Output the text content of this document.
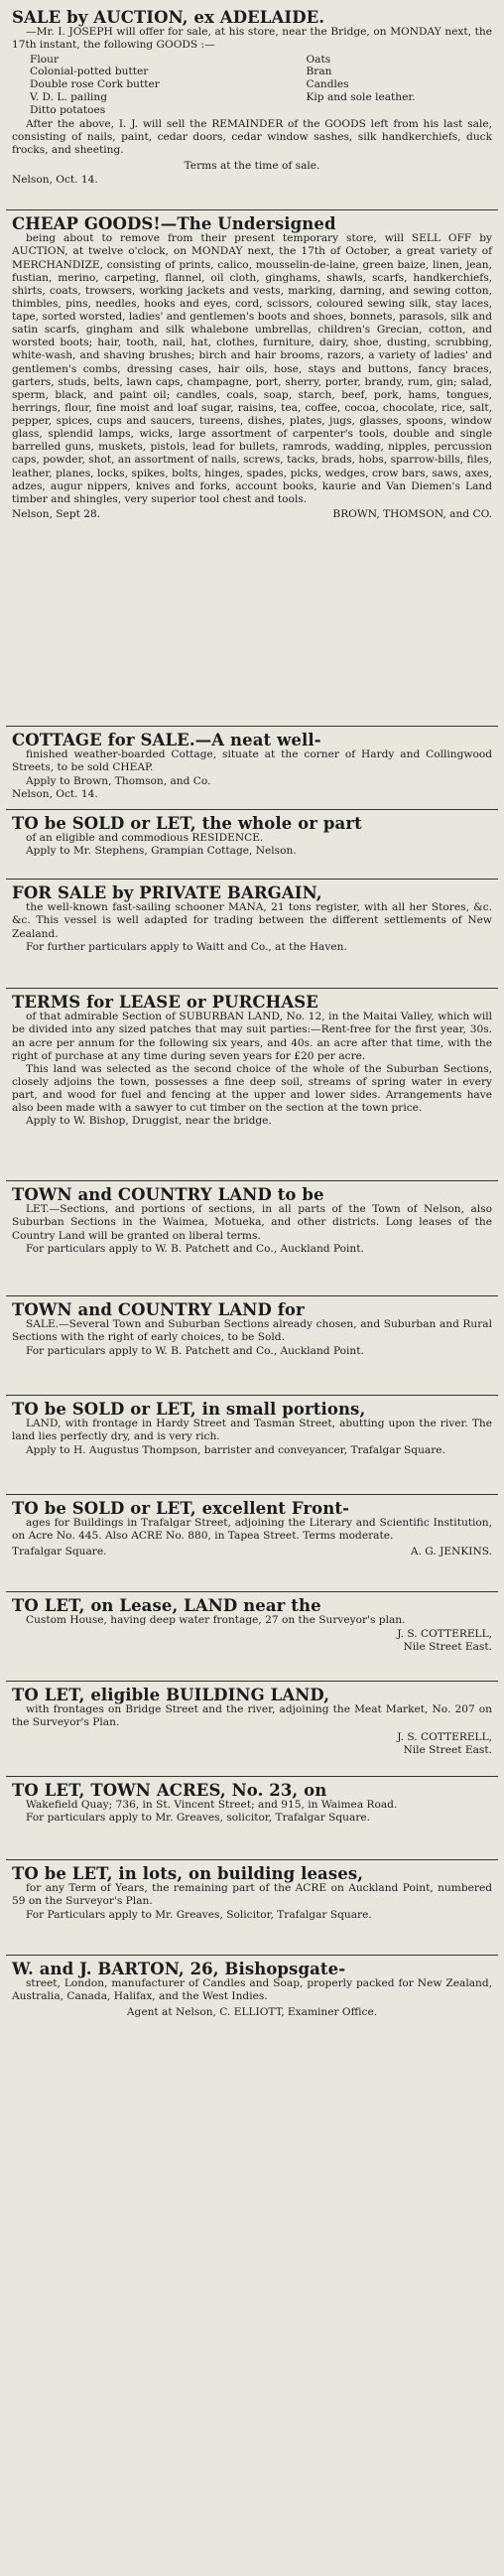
SALE by AUCTION, ex ADELAIDE.

—Mr. I. JOSEPH will offer for sale, at his store, near the Bridge, on MONDAY next, the 17th instant, the following GOODS :—

Flour
Colonial-potted butter
Double rose Cork butter
V. D. L. pailing
Ditto potatoes
Oats
Bran
Candles
Kip and sole leather.

After the above, I. J. will sell the REMAINDER of the GOODS left from his last sale, consisting of nails, paint, cedar doors, cedar window sashes, silk handkerchiefs, duck frocks, and sheeting.

Terms at the time of sale.

Nelson, Oct. 14.

CHEAP GOODS!—The Undersigned

being about to remove from their present temporary store, will SELL OFF by AUCTION, at twelve o'clock, on MONDAY next, the 17th of October, a great variety of MERCHANDIZE, consisting of prints, calico, mousselin-de-laine, green baize, linen, jean, fustian, merino, carpeting, flannel, oil cloth, ginghams, shawls, scarfs, handkerchiefs, shirts, coats, trowsers, working jackets and vests, marking, darning, and sewing cotton, thimbles, pins, needles, hooks and eyes, cord, scissors, coloured sewing silk, stay laces, tape, sorted worsted, ladies' and gentlemen's boots and shoes, bonnets, parasols, silk and satin scarfs, gingham and silk whalebone umbrellas, children's Grecian, cotton, and worsted boots; hair, tooth, nail, hat, clothes, furniture, dairy, shoe, dusting, scrubbing, white-wash, and shaving brushes; birch and hair brooms, razors, a variety of ladies' and gentlemen's combs, dressing cases, hair oils, hose, stays and buttons, fancy braces, garters, studs, belts, lawn caps, champagne, port, sherry, porter, brandy, rum, gin; salad, sperm, black, and paint oil; candles, coals, soap, starch, beef, pork, hams, tongues, herrings, flour, fine moist and loaf sugar, raisins, tea, coffee, cocoa, chocolate, rice, salt, pepper, spices, cups and saucers, tureens, dishes, plates, jugs, glasses, spoons, window glass, splendid lamps, wicks, large assortment of carpenter's tools, double and single barrelled guns, muskets, pistols, lead for bullets, ramrods, wadding, nipples, percussion caps, powder, shot, an assortment of nails, screws, tacks, brads, hobs, sparrow-bills, files, leather, planes, locks, spikes, bolts, hinges, spades, picks, wedges, crow bars, saws, axes, adzes, augur nippers, knives and forks, account books, kaurie and Van Diemen's Land timber and shingles, very superior tool chest and tools.

Nelson, Sept 28.	BROWN, THOMSON, and CO.

COTTAGE for SALE.—A neat well-

finished weather-boarded Cottage, situate at the corner of Hardy and Collingwood Streets, to be sold CHEAP.

Apply to Brown, Thomson, and Co.

Nelson, Oct. 14.

TO be SOLD or LET, the whole or part

of an eligible and commodious RESIDENCE.

Apply to Mr. Stephens, Grampian Cottage, Nelson.

FOR SALE by PRIVATE BARGAIN,

the well-known fast-sailing schooner MANA, 21 tons register, with all her Stores, &c. &c. This vessel is well adapted for trading between the different settlements of New Zealand.

For further particulars apply to Waitt and Co., at the Haven.

TERMS for LEASE or PURCHASE

of that admirable Section of SUBURBAN LAND, No. 12, in the Maitai Valley, which will be divided into any sized patches that may suit parties:—Rent-free for the first year, 30s. an acre per annum for the following six years, and 40s. an acre after that time, with the right of purchase at any time during seven years for £20 per acre.

This land was selected as the second choice of the whole of the Suburban Sections, closely adjoins the town, possesses a fine deep soil, streams of spring water in every part, and wood for fuel and fencing at the upper and lower sides. Arrangements have also been made with a sawyer to cut timber on the section at the town price.

Apply to W. Bishop, Druggist, near the bridge.

TOWN and COUNTRY LAND to be

LET.—Sections, and portions of sections, in all parts of the Town of Nelson, also Suburban Sections in the Waimea, Motueka, and other districts. Long leases of the Country Land will be granted on liberal terms.

For particulars apply to W. B. Patchett and Co., Auckland Point.

TOWN and COUNTRY LAND for

SALE.—Several Town and Suburban Sections already chosen, and Suburban and Rural Sections with the right of early choices, to be Sold.

For particulars apply to W. B. Patchett and Co., Auckland Point.

TO be SOLD or LET, in small portions,

LAND, with frontage in Hardy Street and Tasman Street, abutting upon the river. The land lies perfectly dry, and is very rich.

Apply to H. Augustus Thompson, barrister and conveyancer, Trafalgar Square.

TO be SOLD or LET, excellent Front-

ages for Buildings in Trafalgar Street, adjoining the Literary and Scientific Institution, on Acre No. 445. Also ACRE No. 880, in Tapea Street. Terms moderate.

Trafalgar Square.	A. G. JENKINS.

TO LET, on Lease, LAND near the

Custom House, having deep water frontage, 27 on the Surveyor's plan.

J. S. COTTERELL,

Nile Street East.

TO LET, eligible BUILDING LAND,

with frontages on Bridge Street and the river, adjoining the Meat Market, No. 207 on the Surveyor's Plan.

J. S. COTTERELL,

Nile Street East.

TO LET, TOWN ACRES, No. 23, on

Wakefield Quay; 736, in St. Vincent Street; and 915, in Waimea Road.

For particulars apply to Mr. Greaves, solicitor, Trafalgar Square.

TO be LET, in lots, on building leases,

for any Term of Years, the remaining part of the ACRE on Auckland Point, numbered 59 on the Surveyor's Plan.

For Particulars apply to Mr. Greaves, Solicitor, Trafalgar Square.

W. and J. BARTON, 26, Bishopsgate-

street, London, manufacturer of Candles and Soap, properly packed for New Zealand, Australia, Canada, Halifax, and the West Indies.

Agent at Nelson, C. ELLIOTT, Examiner Office.
